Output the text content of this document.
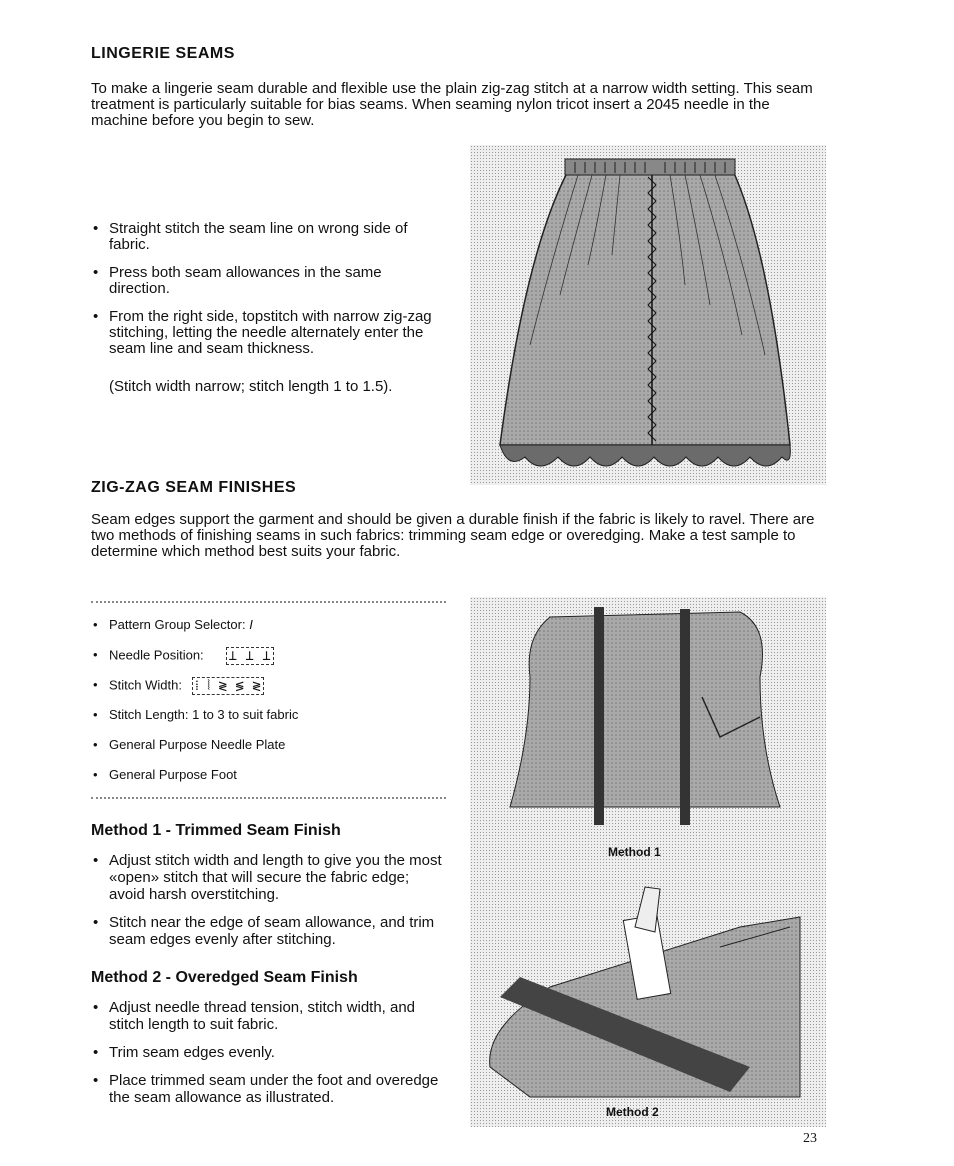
LINGERIE SEAMS
To make a lingerie seam durable and flexible use the plain zig-zag stitch at a narrow width setting. This seam treatment is particularly suitable for bias seams. When seaming nylon tricot insert a 2045 needle in the machine before you begin to sew.
• Straight stitch the seam line on wrong side of fabric.
• Press both seam allowances in the same direction.
• From the right side, topstitch with narrow zig-zag stitching, letting the needle alternately enter the seam line and seam thickness.
(Stitch width narrow; stitch length 1 to 1.5).
ZIG-ZAG SEAM FINISHES
Seam edges support the garment and should be given a durable finish if the fabric is likely to ravel. There are two methods of finishing seams in such fabrics: trimming seam edge or overedging. Make a test sample to determine which method best suits your fabric.
• Pattern Group Selector: I
• Needle Position: ⊥ ⊥ ⊥
• Stitch Width: ⁞ ⦚ ≷ ≶ ≷
• Stitch Length: 1 to 3 to suit fabric
• General Purpose Needle Plate
• General Purpose Foot
Method 1 - Trimmed Seam Finish
• Adjust stitch width and length to give you the most «open» stitch that will secure the fabric edge; avoid harsh overstitching.
• Stitch near the edge of seam allowance, and trim seam edges evenly after stitching.
Method 2 - Overedged Seam Finish
• Adjust needle thread tension, stitch width, and stitch length to suit fabric.
• Trim seam edges evenly.
• Place trimmed seam under the foot and overedge the seam allowance as illustrated.
Method 1
Method 2
23
